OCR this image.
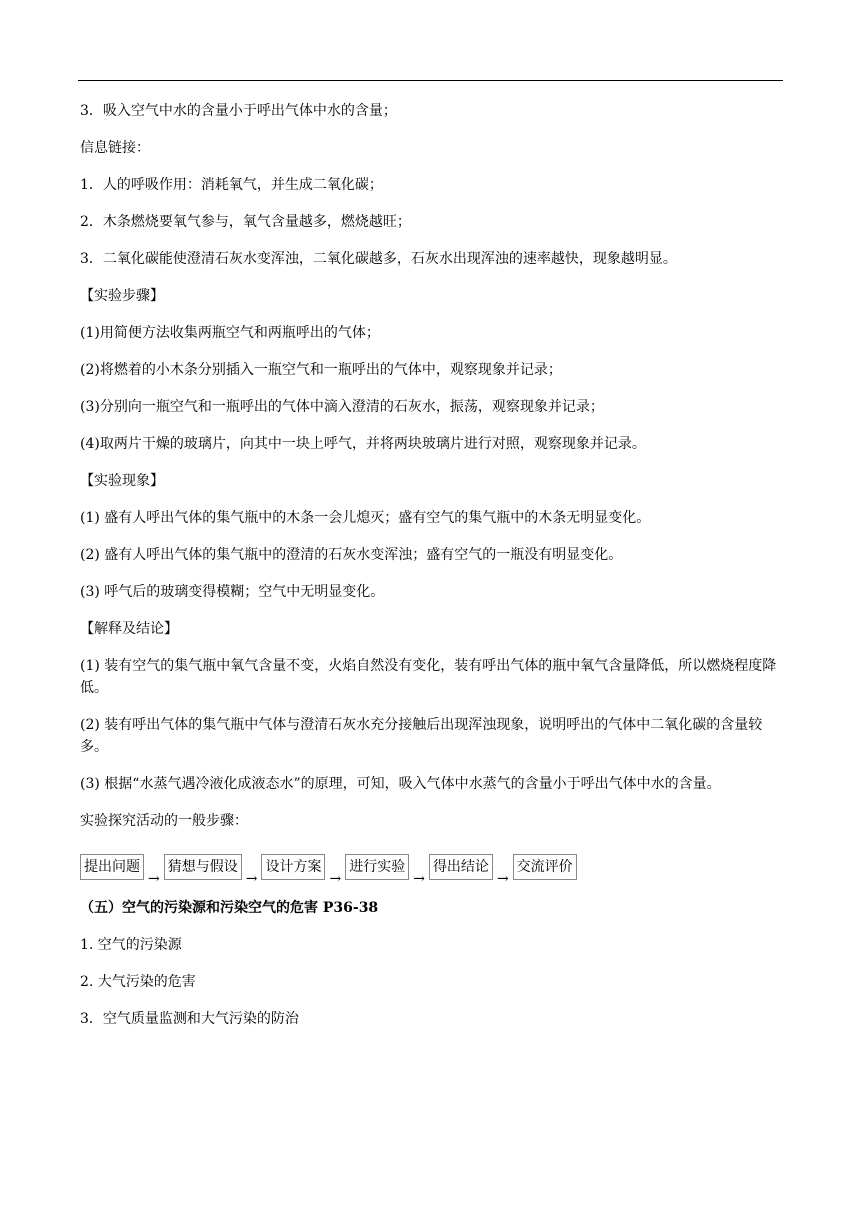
3．吸入空气中水的含量小于呼出气体中水的含量；

信息链接：

1．人的呼吸作用：消耗氧气，并生成二氧化碳；

2．木条燃烧要氧气参与，氧气含量越多，燃烧越旺；

3．二氧化碳能使澄清石灰水变浑浊，二氧化碳越多，石灰水出现浑浊的速率越快，现象越明显。

【实验步骤】

(1)用简便方法收集两瓶空气和两瓶呼出的气体；

(2)将燃着的小木条分别插入一瓶空气和一瓶呼出的气体中，观察现象并记录；

(3)分别向一瓶空气和一瓶呼出的气体中滴入澄清的石灰水，振荡，观察现象并记录；

(4)取两片干燥的玻璃片，向其中一块上呼气，并将两块玻璃片进行对照，观察现象并记录。

【实验现象】

(1) 盛有人呼出气体的集气瓶中的木条一会儿熄灭；盛有空气的集气瓶中的木条无明显变化。

(2) 盛有人呼出气体的集气瓶中的澄清的石灰水变浑浊；盛有空气的一瓶没有明显变化。

(3) 呼气后的玻璃变得模糊；空气中无明显变化。

【解释及结论】

(1) 装有空气的集气瓶中氧气含量不变，火焰自然没有变化，装有呼出气体的瓶中氧气含量降低，所以燃烧程度降低。

(2) 装有呼出气体的集气瓶中气体与澄清石灰水充分接触后出现浑浊现象，说明呼出的气体中二氧化碳的含量较多。

(3) 根据“水蒸气遇冷液化成液态水”的原理，可知，吸入气体中水蒸气的含量小于呼出气体中水的含量。

实验探究活动的一般步骤：

提出问题
→
猜想与假设
→
设计方案
→
进行实验
→
得出结论
→
交流评价

（五）空气的污染源和污染空气的危害 P36-38

1. 空气的污染源

2. 大气污染的危害

3．空气质量监测和大气污染的防治
